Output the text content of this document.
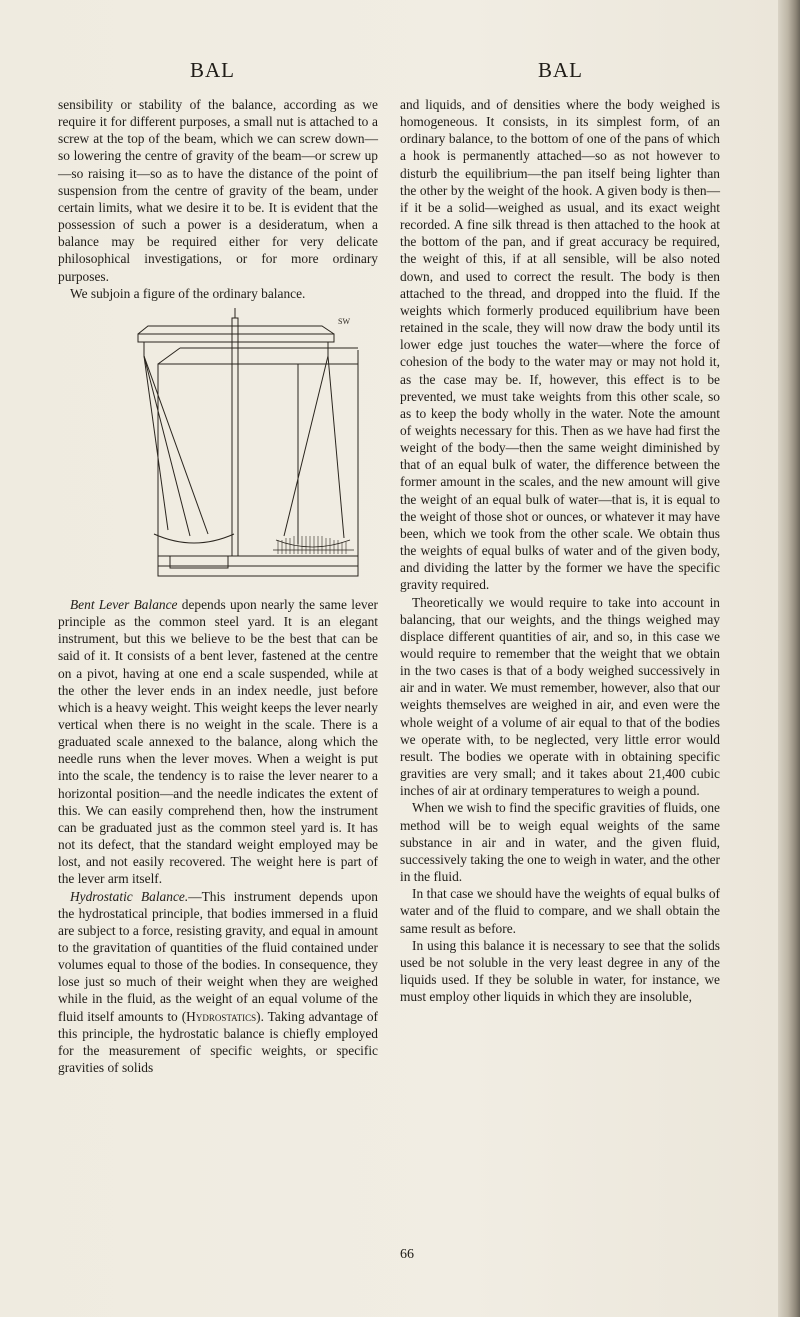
BAL	BAL

sensibility or stability of the balance, according as we require it for different purposes, a small nut is attached to a screw at the top of the beam, which we can screw down—so lowering the centre of gravity of the beam—or screw up—so raising it—so as to have the distance of the point of suspension from the centre of gravity of the beam, under certain limits, what we desire it to be. It is evident that the possession of such a power is a desideratum, when a balance may be required either for very delicate philosophical investigations, or for more ordinary purposes.

We subjoin a figure of the ordinary balance.

SW

Bent Lever Balance depends upon nearly the same lever principle as the common steel yard. It is an elegant instrument, but this we believe to be the best that can be said of it. It consists of a bent lever, fastened at the centre on a pivot, having at one end a scale suspended, while at the other the lever ends in an index needle, just before which is a heavy weight. This weight keeps the lever nearly vertical when there is no weight in the scale. There is a graduated scale annexed to the balance, along which the needle runs when the lever moves. When a weight is put into the scale, the tendency is to raise the lever nearer to a horizontal position—and the needle indicates the extent of this. We can easily comprehend then, how the instrument can be graduated just as the common steel yard is. It has not its defect, that the standard weight employed may be lost, and not easily recovered. The weight here is part of the lever arm itself.

Hydrostatic Balance.—This instrument depends upon the hydrostatical principle, that bodies immersed in a fluid are subject to a force, resisting gravity, and equal in amount to the gravitation of quantities of the fluid contained under volumes equal to those of the bodies. In consequence, they lose just so much of their weight when they are weighed while in the fluid, as the weight of an equal volume of the fluid itself amounts to (Hydrostatics). Taking advantage of this principle, the hydrostatic balance is chiefly employed for the measurement of specific weights, or specific gravities of solids

and liquids, and of densities where the body weighed is homogeneous. It consists, in its simplest form, of an ordinary balance, to the bottom of one of the pans of which a hook is permanently attached—so as not however to disturb the equilibrium—the pan itself being lighter than the other by the weight of the hook. A given body is then—if it be a solid—weighed as usual, and its exact weight recorded. A fine silk thread is then attached to the hook at the bottom of the pan, and if great accuracy be required, the weight of this, if at all sensible, will be also noted down, and used to correct the result. The body is then attached to the thread, and dropped into the fluid. If the weights which formerly produced equilibrium have been retained in the scale, they will now draw the body until its lower edge just touches the water—where the force of cohesion of the body to the water may or may not hold it, as the case may be. If, however, this effect is to be prevented, we must take weights from this other scale, so as to keep the body wholly in the water. Note the amount of weights necessary for this. Then as we have had first the weight of the body—then the same weight diminished by that of an equal bulk of water, the difference between the former amount in the scales, and the new amount will give the weight of an equal bulk of water—that is, it is equal to the weight of those shot or ounces, or whatever it may have been, which we took from the other scale. We obtain thus the weights of equal bulks of water and of the given body, and dividing the latter by the former we have the specific gravity required.

Theoretically we would require to take into account in balancing, that our weights, and the things weighed may displace different quantities of air, and so, in this case we would require to remember that the weight that we obtain in the two cases is that of a body weighed successively in air and in water. We must remember, however, also that our weights themselves are weighed in air, and even were the whole weight of a volume of air equal to that of the bodies we operate with, to be neglected, very little error would result. The bodies we operate with in obtaining specific gravities are very small; and it takes about 21,400 cubic inches of air at ordinary temperatures to weigh a pound.

When we wish to find the specific gravities of fluids, one method will be to weigh equal weights of the same substance in air and in water, and the given fluid, successively taking the one to weigh in water, and the other in the fluid.

In that case we should have the weights of equal bulks of water and of the fluid to compare, and we shall obtain the same result as before.

In using this balance it is necessary to see that the solids used be not soluble in the very least degree in any of the liquids used. If they be soluble in water, for instance, we must employ other liquids in which they are insoluble,

66
